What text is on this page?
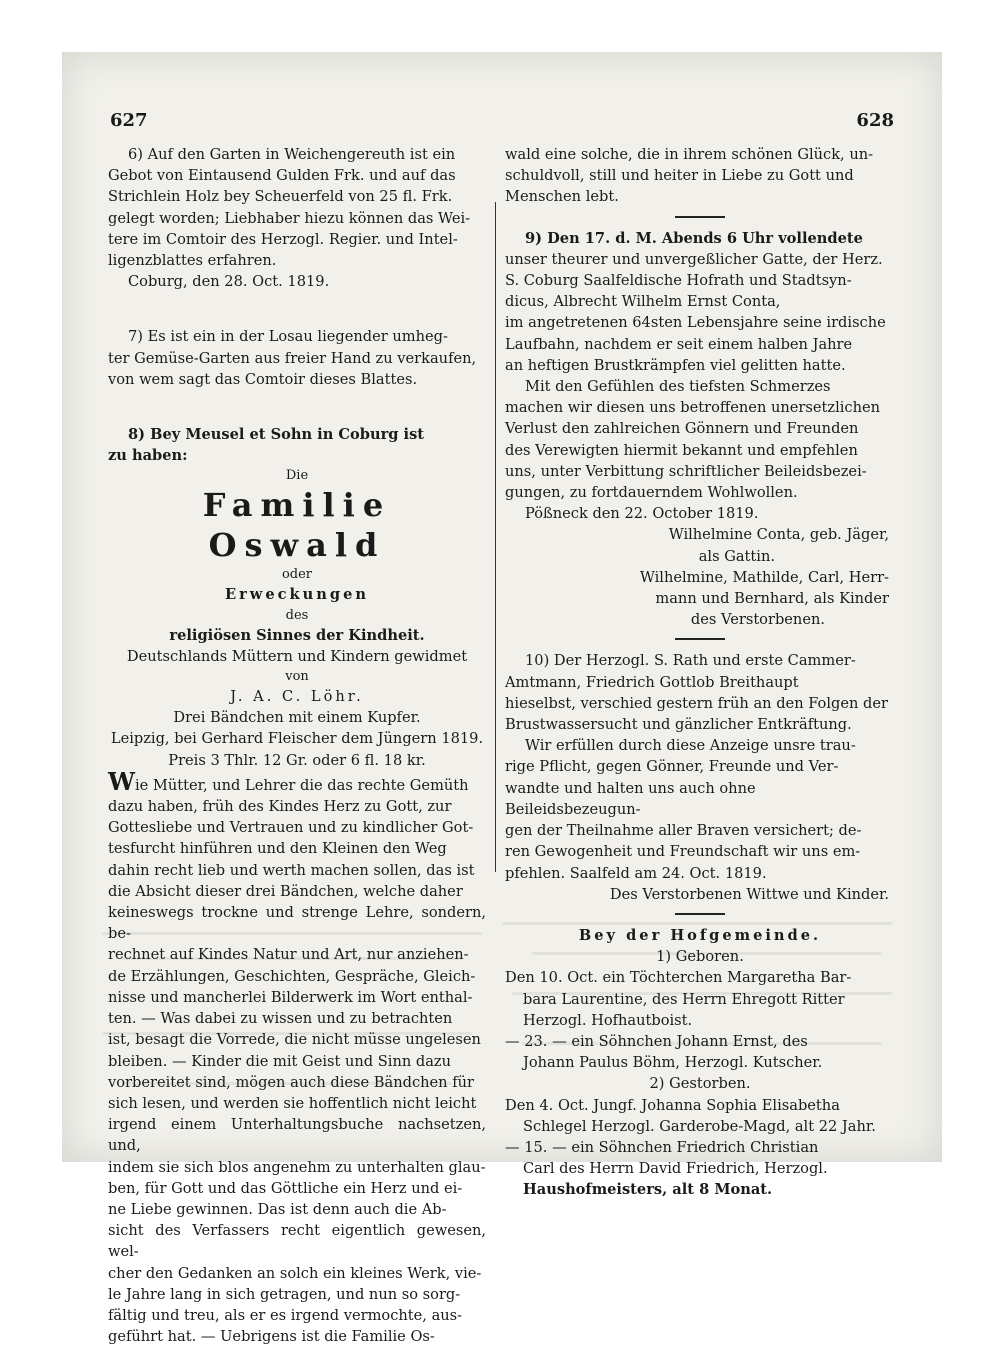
627	628

6) Auf den Garten in Weichengereuth ist ein

Gebot von Eintausend Gulden Frk. und auf das

Strichlein Holz bey Scheuerfeld von 25 fl. Frk.

gelegt worden; Liebhaber hiezu können das Wei-

tere im Comtoir des Herzogl. Regier. und Intel-

ligenzblattes erfahren.

Coburg, den 28. Oct. 1819.

7) Es ist ein in der Losau liegender umheg-

ter Gemüse-Garten aus freier Hand zu verkaufen,

von wem sagt das Comtoir dieses Blattes.

8) Bey Meusel et Sohn in Coburg ist

zu haben:

Die

Familie Oswald

oder

Erweckungen

des

religiösen Sinnes der Kindheit.

Deutschlands Müttern und Kindern gewidmet

von

J. A. C. Löhr.

Drei Bändchen mit einem Kupfer.

Leipzig, bei Gerhard Fleischer dem Jüngern 1819.

Preis 3 Thlr. 12 Gr. oder 6 fl. 18 kr.

Wie Mütter, und Lehrer die das rechte Gemüth

dazu haben, früh des Kindes Herz zu Gott, zur

Gottesliebe und Vertrauen und zu kindlicher Got-

tesfurcht hinführen und den Kleinen den Weg

dahin recht lieb und werth machen sollen, das ist

die Absicht dieser drei Bändchen, welche daher

keineswegs trockne und strenge Lehre, sondern, be-

rechnet auf Kindes Natur und Art, nur anziehen-

de Erzählungen, Geschichten, Gespräche, Gleich-

nisse und mancherlei Bilderwerk im Wort enthal-

ten. — Was dabei zu wissen und zu betrachten

ist, besagt die Vorrede, die nicht müsse ungelesen

bleiben. — Kinder die mit Geist und Sinn dazu

vorbereitet sind, mögen auch diese Bändchen für

sich lesen, und werden sie hoffentlich nicht leicht

irgend einem Unterhaltungsbuche nachsetzen, und,

indem sie sich blos angenehm zu unterhalten glau-

ben, für Gott und das Göttliche ein Herz und ei-

ne Liebe gewinnen. Das ist denn auch die Ab-

sicht des Verfassers recht eigentlich gewesen, wel-

cher den Gedanken an solch ein kleines Werk, vie-

le Jahre lang in sich getragen, und nun so sorg-

fältig und treu, als er es irgend vermochte, aus-

geführt hat. — Uebrigens ist die Familie Os-

wald eine solche, die in ihrem schönen Glück, un-

schuldvoll, still und heiter in Liebe zu Gott und

Menschen lebt.

9) Den 17. d. M. Abends 6 Uhr vollendete

unser theurer und unvergeßlicher Gatte, der Herz.

S. Coburg Saalfeldische Hofrath und Stadtsyn-

dicus, Albrecht Wilhelm Ernst Conta,

im angetretenen 64sten Lebensjahre seine irdische

Laufbahn, nachdem er seit einem halben Jahre

an heftigen Brustkrämpfen viel gelitten hatte.

Mit den Gefühlen des tiefsten Schmerzes

machen wir diesen uns betroffenen unersetzlichen

Verlust den zahlreichen Gönnern und Freunden

des Verewigten hiermit bekannt und empfehlen

uns, unter Verbittung schriftlicher Beileidsbezei-

gungen, zu fortdauerndem Wohlwollen.

Pößneck den 22. October 1819.

Wilhelmine Conta, geb. Jäger,

als Gattin.

Wilhelmine, Mathilde, Carl, Herr-

mann und Bernhard, als Kinder

des Verstorbenen.

10) Der Herzogl. S. Rath und erste Cammer-

Amtmann, Friedrich Gottlob Breithaupt

hieselbst, verschied gestern früh an den Folgen der

Brustwassersucht und gänzlicher Entkräftung.

Wir erfüllen durch diese Anzeige unsre trau-

rige Pflicht, gegen Gönner, Freunde und Ver-

wandte und halten uns auch ohne Beileidsbezeugun-

gen der Theilnahme aller Braven versichert; de-

ren Gewogenheit und Freundschaft wir uns em-

pfehlen. Saalfeld am 24. Oct. 1819.

Des Verstorbenen Wittwe und Kinder.

Bey der Hofgemeinde.

1) Geboren.

Den 10. Oct. ein Töchterchen Margaretha Bar-

bara Laurentine, des Herrn Ehregott Ritter

Herzogl. Hofhautboist.

— 23. — ein Söhnchen Johann Ernst, des

Johann Paulus Böhm, Herzogl. Kutscher.

2) Gestorben.

Den 4. Oct. Jungf. Johanna Sophia Elisabetha

Schlegel Herzogl. Garderobe-Magd, alt 22 Jahr.

— 15. — ein Söhnchen Friedrich Christian

Carl des Herrn David Friedrich, Herzogl.

Haushofmeisters, alt 8 Monat.
